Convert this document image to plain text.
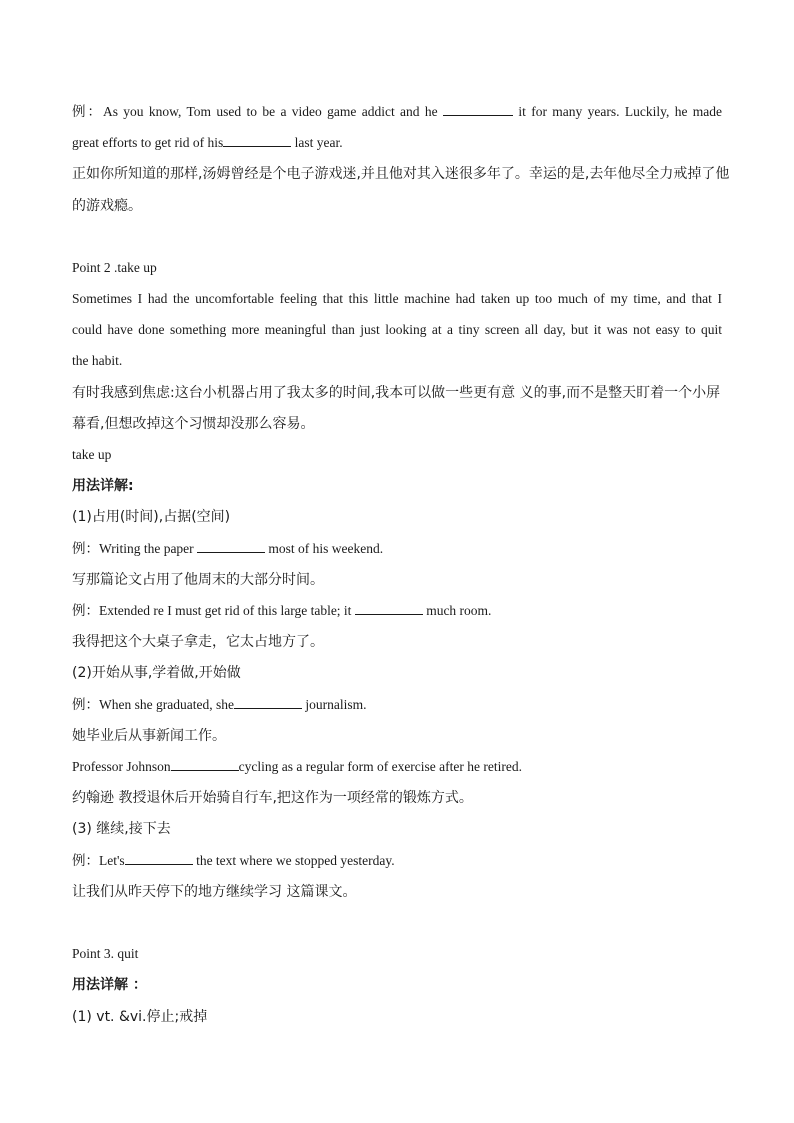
例：As you know, Tom used to be a video game addict and he	it for many years. Luckily, he made
great efforts to get rid of his	last year.
正如你所知道的那样,汤姆曾经是个电子游戏迷,并且他对其入迷很多年了。幸运的是,去年他尽全力戒掉了他
的游戏瘾。
Point 2 .take up
Sometimes I had the uncomfortable feeling that this little machine had taken up too much of my time, and that I
could have done something more meaningful than just looking at a tiny screen all day, but it was not easy to quit
the habit.
有时我感到焦虑:这台小机器占用了我太多的时间,我本可以做一些更有意 义的事,而不是整天盯着一个小屏
幕看,但想改掉这个习惯却没那么容易。
take up
用法详解:
(1)占用(时间),占据(空间)
例：Writing the paper	most of his weekend.
写那篇论文占用了他周末的大部分时间。
例：Extended re I must get rid of this large table; it	much room.
我得把这个大桌子拿走，它太占地方了。
(2)开始从事,学着做,开始做
例：When she graduated, she	journalism.
她毕业后从事新闻工作。
Professor Johnson	cycling as a regular form of exercise after he retired.
约翰逊 教授退休后开始骑自行车,把这作为一项经常的锻炼方式。
(3) 继续,接下去
例：Let's	the text where we stopped yesterday.
让我们从昨天停下的地方继续学习 这篇课文。
Point 3. quit
用法详解 ：
(1) vt. &vi.停止;戒掉
